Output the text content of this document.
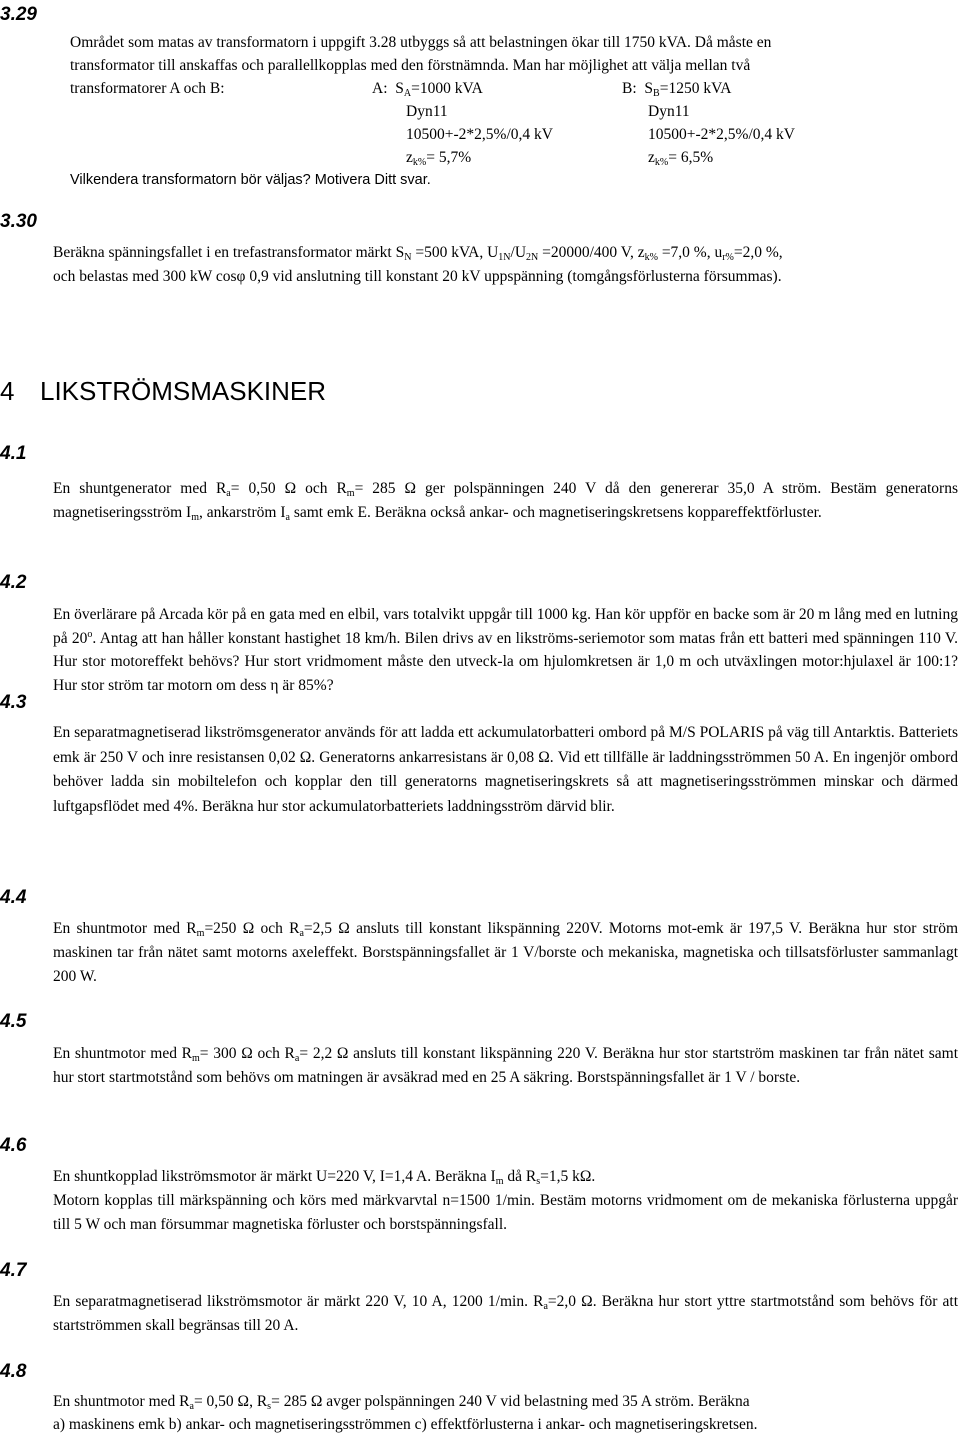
3.29
Området som matas av transformatorn i uppgift 3.28 utbyggs så att belastningen ökar till 1750 kVA. Då måste en
transformator till anskaffas och parallellkopplas med den förstnämnda. Man har möjlighet att välja mellan två
transformatorer A och B:	A: $S_A=1000$ kVA
Dyn11
10500+-2*2,5%/0,4 kV
$z_{k\%}= 5,7\%$
B: $S_B=1250$ kVA
Dyn11
10500+-2*2,5%/0,4 kV
$z_{k\%}= 6,5\%$
Vilkendera transformatorn bör väljas? Motivera Ditt svar.
3.30
Beräkna spänningsfallet i en trefastransformator märkt $S_N =500$ kVA, $U_{1N}/U_{2N} =20000/400$ V, $z_{k\%} =7,0$ %, $u_{r\%}=2,0$ %,
och belastas med 300 kW cosφ 0,9 vid anslutning till konstant 20 kV uppspänning (tomgångsförlusterna försummas).
4 LIKSTRÖMSMASKINER
4.1

En shuntgenerator med $R_a= 0,50$ Ω och $R_m= 285$ Ω ger polspänningen 240 V då den genererar 35,0 A ström. Bestäm generatorns magnetiseringsström $I_m$, ankarström $I_a$ samt emk E. Beräkna också ankar- och magnetiseringskretsens koppareffektförluster.

4.2

En överlärare på Arcada kör på en gata med en elbil, vars totalvikt uppgår till 1000 kg. Han kör uppför en backe som är 20 m lång med en lutning på 20$^o$. Antag att han håller konstant hastighet 18 km/h. Bilen drivs av en likströms-seriemotor som matas från ett batteri med spänningen 110 V. Hur stor motoreffekt behövs? Hur stort vridmoment måste den utveck-la om hjulomkretsen är 1,0 m och utväxlingen motor:hjulaxel är 100:1? Hur stor ström tar motorn om dess η är 85%?

4.3

En separatmagnetiserad likströmsgenerator används för att ladda ett ackumulatorbatteri ombord på M/S POLARIS på väg till Antarktis. Batteriets emk är 250 V och inre resistansen 0,02 Ω. Generatorns ankarresistans är 0,08 Ω. Vid ett tillfälle är laddningsströmmen 50 A. En ingenjör ombord behöver ladda sin mobiltelefon och kopplar den till generatorns magnetiseringskrets så att magnetiseringsströmmen minskar och därmed luftgapsflödet med 4%. Beräkna hur stor ackumulatorbatteriets laddningsström därvid blir.

4.4

En shuntmotor med $R_m=250$ Ω och $R_a=2,5$ Ω ansluts till konstant likspänning 220V. Motorns mot-emk är 197,5 V. Beräkna hur stor ström maskinen tar från nätet samt motorns axeleffekt. Borstspänningsfallet är 1 V/borste och mekaniska, magnetiska och tillsatsförluster sammanlagt 200 W.

4.5

En shuntmotor med $R_m= 300$ Ω och $R_a= 2,2$ Ω ansluts till konstant likspänning 220 V. Beräkna hur stor startström maskinen tar från nätet samt hur stort startmotstånd som behövs om matningen är avsäkrad med en 25 A säkring. Borstspänningsfallet är 1 V / borste.

4.6

En shuntkopplad likströmsmotor är märkt U=220 V, I=1,4 A. Beräkna $I_m$ då $R_s=1,5$ kΩ.

Motorn kopplas till märkspänning och körs med märkvarvtal n=1500 1/min. Bestäm motorns vridmoment om de mekaniska förlusterna uppgår till 5 W och man försummar magnetiska förluster och borstspänningsfall.

4.7

En separatmagnetiserad likströmsmotor är märkt 220 V, 10 A, 1200 1/min. $R_a=2,0$ Ω. Beräkna hur stort yttre startmotstånd som behövs för att startströmmen skall begränsas till 20 A.

4.8
En shuntmotor med $R_a= 0,50$ Ω, $R_s= 285$ Ω avger polspänningen 240 V vid belastning med 35 A ström. Beräkna
a) maskinens emk b) ankar- och magnetiseringsströmmen c) effektförlusterna i ankar- och magnetiseringskretsen.
